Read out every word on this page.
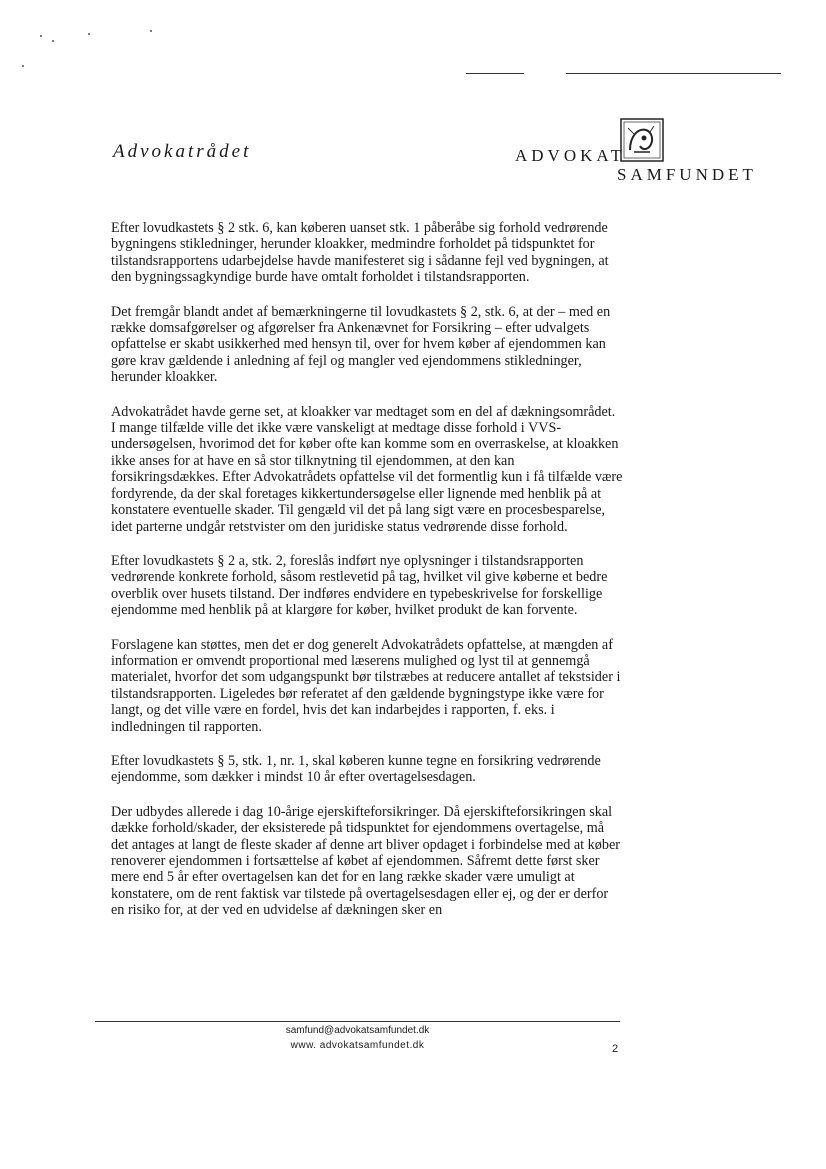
Advokatrådet	ADVOKAT
SAMFUNDET

Efter lovudkastets § 2 stk. 6, kan køberen uanset stk. 1 påberåbe sig forhold vedrørende bygningens stikledninger, herunder kloakker, medmindre forholdet på tidspunktet for tilstandsrapportens udarbejdelse havde manifesteret sig i sådanne fejl ved bygningen, at den bygningssagkyndige burde have omtalt forholdet i tilstandsrapporten.

Det fremgår blandt andet af bemærkningerne til lovudkastets § 2, stk. 6, at der – med en række domsafgørelser og afgørelser fra Ankenævnet for Forsikring – efter udvalgets opfattelse er skabt usikkerhed med hensyn til, over for hvem køber af ejendommen kan gøre krav gældende i anledning af fejl og mangler ved ejendommens stikledninger, herunder kloakker.

Advokatrådet havde gerne set, at kloakker var medtaget som en del af dækningsområdet. I mange tilfælde ville det ikke være vanskeligt at medtage disse forhold i VVS-undersøgelsen, hvorimod det for køber ofte kan komme som en overraskelse, at kloakken ikke anses for at have en så stor tilknytning til ejendommen, at den kan forsikringsdækkes. Efter Advokatrådets opfattelse vil det formentlig kun i få tilfælde være fordyrende, da der skal foretages kikkertundersøgelse eller lignende med henblik på at konstatere eventuelle skader. Til gengæld vil det på lang sigt være en procesbesparelse, idet parterne undgår retstvister om den juridiske status vedrørende disse forhold.

Efter lovudkastets § 2 a, stk. 2, foreslås indført nye oplysninger i tilstandsrapporten vedrørende konkrete forhold, såsom restlevetid på tag, hvilket vil give køberne et bedre overblik over husets tilstand. Der indføres endvidere en typebeskrivelse for forskellige ejendomme med henblik på at klargøre for køber, hvilket produkt de kan forvente.

Forslagene kan støttes, men det er dog generelt Advokatrådets opfattelse, at mængden af information er omvendt proportional med læserens mulighed og lyst til at gennemgå materialet, hvorfor det som udgangspunkt bør tilstræbes at reducere antallet af tekstsider i tilstandsrapporten. Ligeledes bør referatet af den gældende bygningstype ikke være for langt, og det ville være en fordel, hvis det kan indarbejdes i rapporten, f. eks. i indledningen til rapporten.

Efter lovudkastets § 5, stk. 1, nr. 1, skal køberen kunne tegne en forsikring vedrørende ejendomme, som dækker i mindst 10 år efter overtagelsesdagen.

Der udbydes allerede i dag 10-årige ejerskifteforsikringer. Då ejerskifteforsikringen skal dække forhold/skader, der eksisterede på tidspunktet for ejendommens overtagelse, må det antages at langt de fleste skader af denne art bliver opdaget i forbindelse med at køber renoverer ejendommen i fortsættelse af købet af ejendommen. Såfremt dette først sker mere end 5 år efter overtagelsen kan det for en lang række skader være umuligt at konstatere, om de rent faktisk var tilstede på overtagelsesdagen eller ej, og der er derfor en risiko for, at der ved en udvidelse af dækningen sker en

samfund@advokatsamfundet.dk
www. advokatsamfundet.dk	2
